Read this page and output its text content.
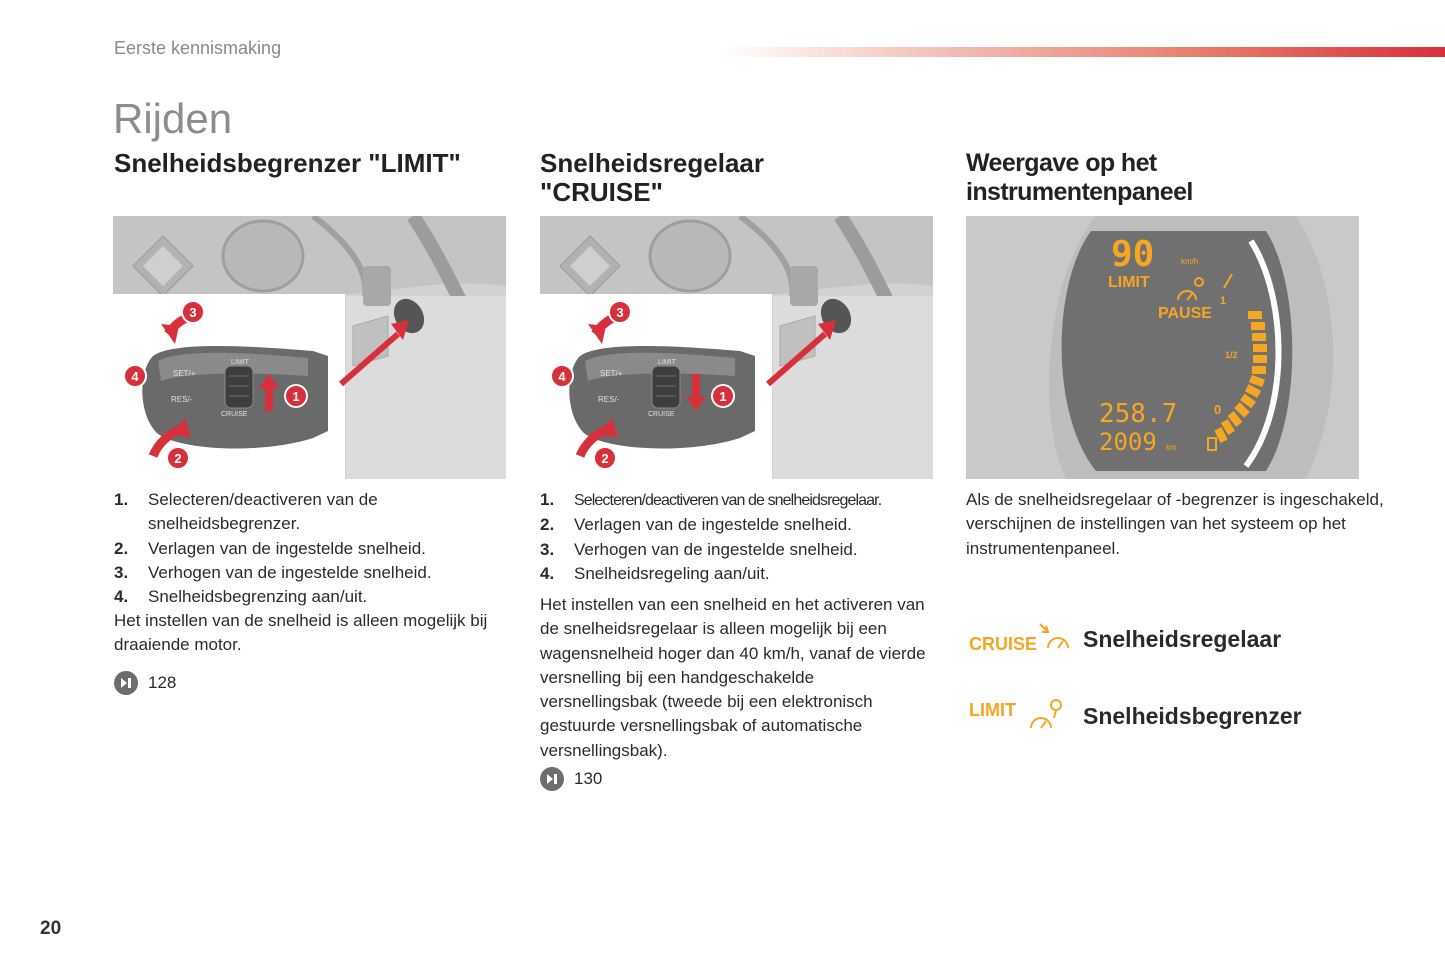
Eerste kennismaking
Rijden
Snelheidsbegrenzer "LIMIT"	Snelheidsregelaar "CRUISE"
Weergave op het instrumentenpaneel
SET/+
RES/-
LIMIT
CRUISE
3
4
1
2
SET/+
RES/-
LIMIT
CRUISE
3
4
1
2
90	km/h
LIMIT
PAUSE
1
1/2
0
258.7
2009 km
1. Selecteren/deactiveren van de snelheidsbegrenzer.
2. Verlagen van de ingestelde snelheid.
3. Verhogen van de ingestelde snelheid.
4. Snelheidsbegrenzing aan/uit.

Het instellen van de snelheid is alleen mogelijk bij draaiende motor.

128
1. Selecteren/deactiveren van de snelheidsregelaar.
2. Verlagen van de ingestelde snelheid.
3. Verhogen van de ingestelde snelheid.
4. Snelheidsregeling aan/uit.

Het instellen van een snelheid en het activeren van de snelheidsregelaar is alleen mogelijk bij een wagensnelheid hoger dan 40 km/h, vanaf de vierde versnelling bij een handgeschakelde versnellingsbak (tweede bij een elektronisch gestuurde versnellingsbak of automatische versnellingsbak).

130

Als de snelheidsregelaar of -begrenzer is ingeschakeld, verschijnen de instellingen van het systeem op het instrumentenpaneel.

CRUISE Snelheidsregelaar
LIMIT	Snelheidsbegrenzer
20
